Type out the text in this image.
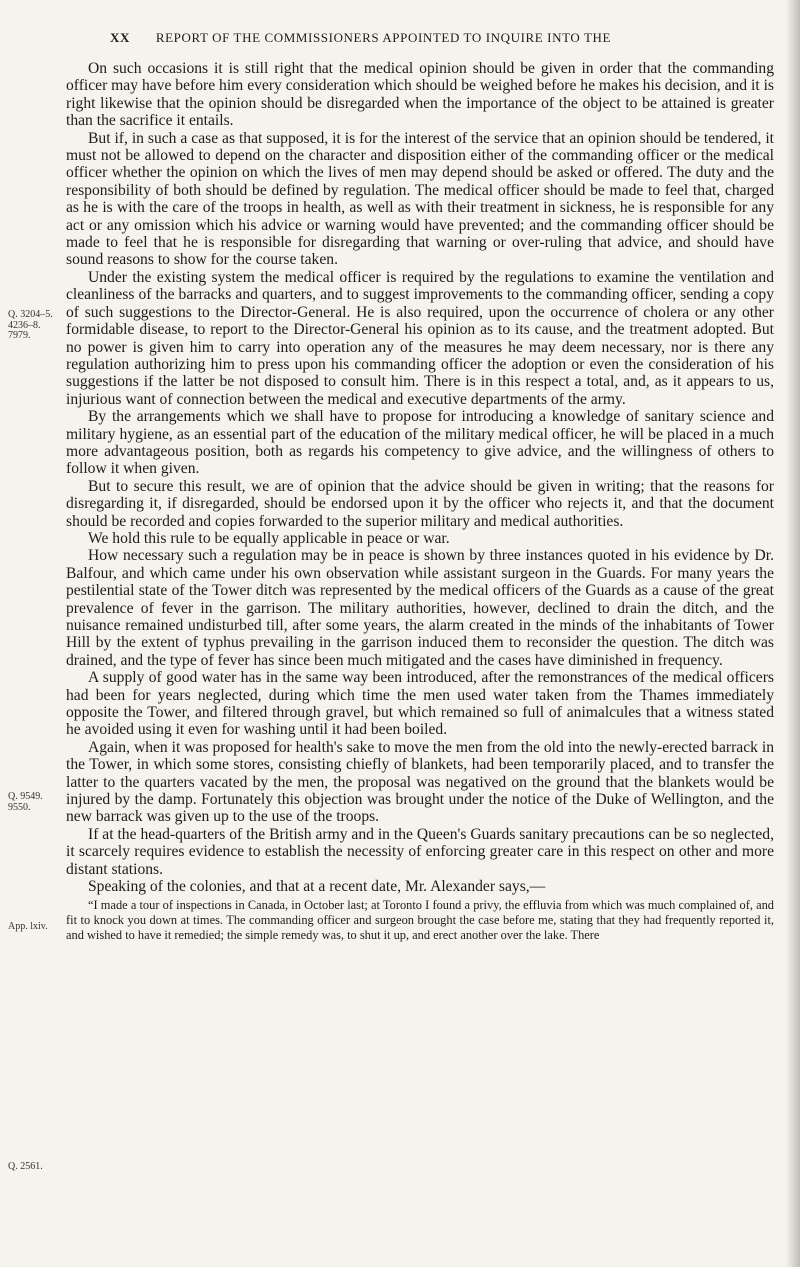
XX REPORT OF THE COMMISSIONERS APPOINTED TO INQUIRE INTO THE
Q. 3204–5. 4236–8. 7979.
Q. 9549. 9550.
App. lxiv.
Q. 2561.

On such occasions it is still right that the medical opinion should be given in order that the commanding officer may have before him every consideration which should be weighed before he makes his decision, and it is right likewise that the opinion should be disregarded when the importance of the object to be attained is greater than the sacrifice it entails.

But if, in such a case as that supposed, it is for the interest of the service that an opinion should be tendered, it must not be allowed to depend on the character and disposition either of the commanding officer or the medical officer whether the opinion on which the lives of men may depend should be asked or offered. The duty and the responsibility of both should be defined by regulation. The medical officer should be made to feel that, charged as he is with the care of the troops in health, as well as with their treatment in sickness, he is responsible for any act or any omission which his advice or warning would have prevented; and the commanding officer should be made to feel that he is responsible for disregarding that warning or over-ruling that advice, and should have sound reasons to show for the course taken.

Under the existing system the medical officer is required by the regulations to examine the ventilation and cleanliness of the barracks and quarters, and to suggest improvements to the commanding officer, sending a copy of such suggestions to the Director-General. He is also required, upon the occurrence of cholera or any other formidable disease, to report to the Director-General his opinion as to its cause, and the treatment adopted. But no power is given him to carry into operation any of the measures he may deem necessary, nor is there any regulation authorizing him to press upon his commanding officer the adoption or even the consideration of his suggestions if the latter be not disposed to consult him. There is in this respect a total, and, as it appears to us, injurious want of connection between the medical and executive departments of the army.

By the arrangements which we shall have to propose for introducing a knowledge of sanitary science and military hygiene, as an essential part of the education of the military medical officer, he will be placed in a much more advantageous position, both as regards his competency to give advice, and the willingness of others to follow it when given.

But to secure this result, we are of opinion that the advice should be given in writing; that the reasons for disregarding it, if disregarded, should be endorsed upon it by the officer who rejects it, and that the document should be recorded and copies forwarded to the superior military and medical authorities.

We hold this rule to be equally applicable in peace or war.

How necessary such a regulation may be in peace is shown by three instances quoted in his evidence by Dr. Balfour, and which came under his own observation while assistant surgeon in the Guards. For many years the pestilential state of the Tower ditch was represented by the medical officers of the Guards as a cause of the great prevalence of fever in the garrison. The military authorities, however, declined to drain the ditch, and the nuisance remained undisturbed till, after some years, the alarm created in the minds of the inhabitants of Tower Hill by the extent of typhus prevailing in the garrison induced them to reconsider the question. The ditch was drained, and the type of fever has since been much mitigated and the cases have diminished in frequency.

A supply of good water has in the same way been introduced, after the remonstrances of the medical officers had been for years neglected, during which time the men used water taken from the Thames immediately opposite the Tower, and filtered through gravel, but which remained so full of animalcules that a witness stated he avoided using it even for washing until it had been boiled.

Again, when it was proposed for health's sake to move the men from the old into the newly-erected barrack in the Tower, in which some stores, consisting chiefly of blankets, had been temporarily placed, and to transfer the latter to the quarters vacated by the men, the proposal was negatived on the ground that the blankets would be injured by the damp. Fortunately this objection was brought under the notice of the Duke of Wellington, and the new barrack was given up to the use of the troops.

If at the head-quarters of the British army and in the Queen's Guards sanitary precautions can be so neglected, it scarcely requires evidence to establish the necessity of enforcing greater care in this respect on other and more distant stations.

Speaking of the colonies, and that at a recent date, Mr. Alexander says,—

“I made a tour of inspections in Canada, in October last; at Toronto I found a privy, the effluvia from which was much complained of, and fit to knock you down at times. The commanding officer and surgeon brought the case before me, stating that they had frequently reported it, and wished to have it remedied; the simple remedy was, to shut it up, and erect another over the lake. There
